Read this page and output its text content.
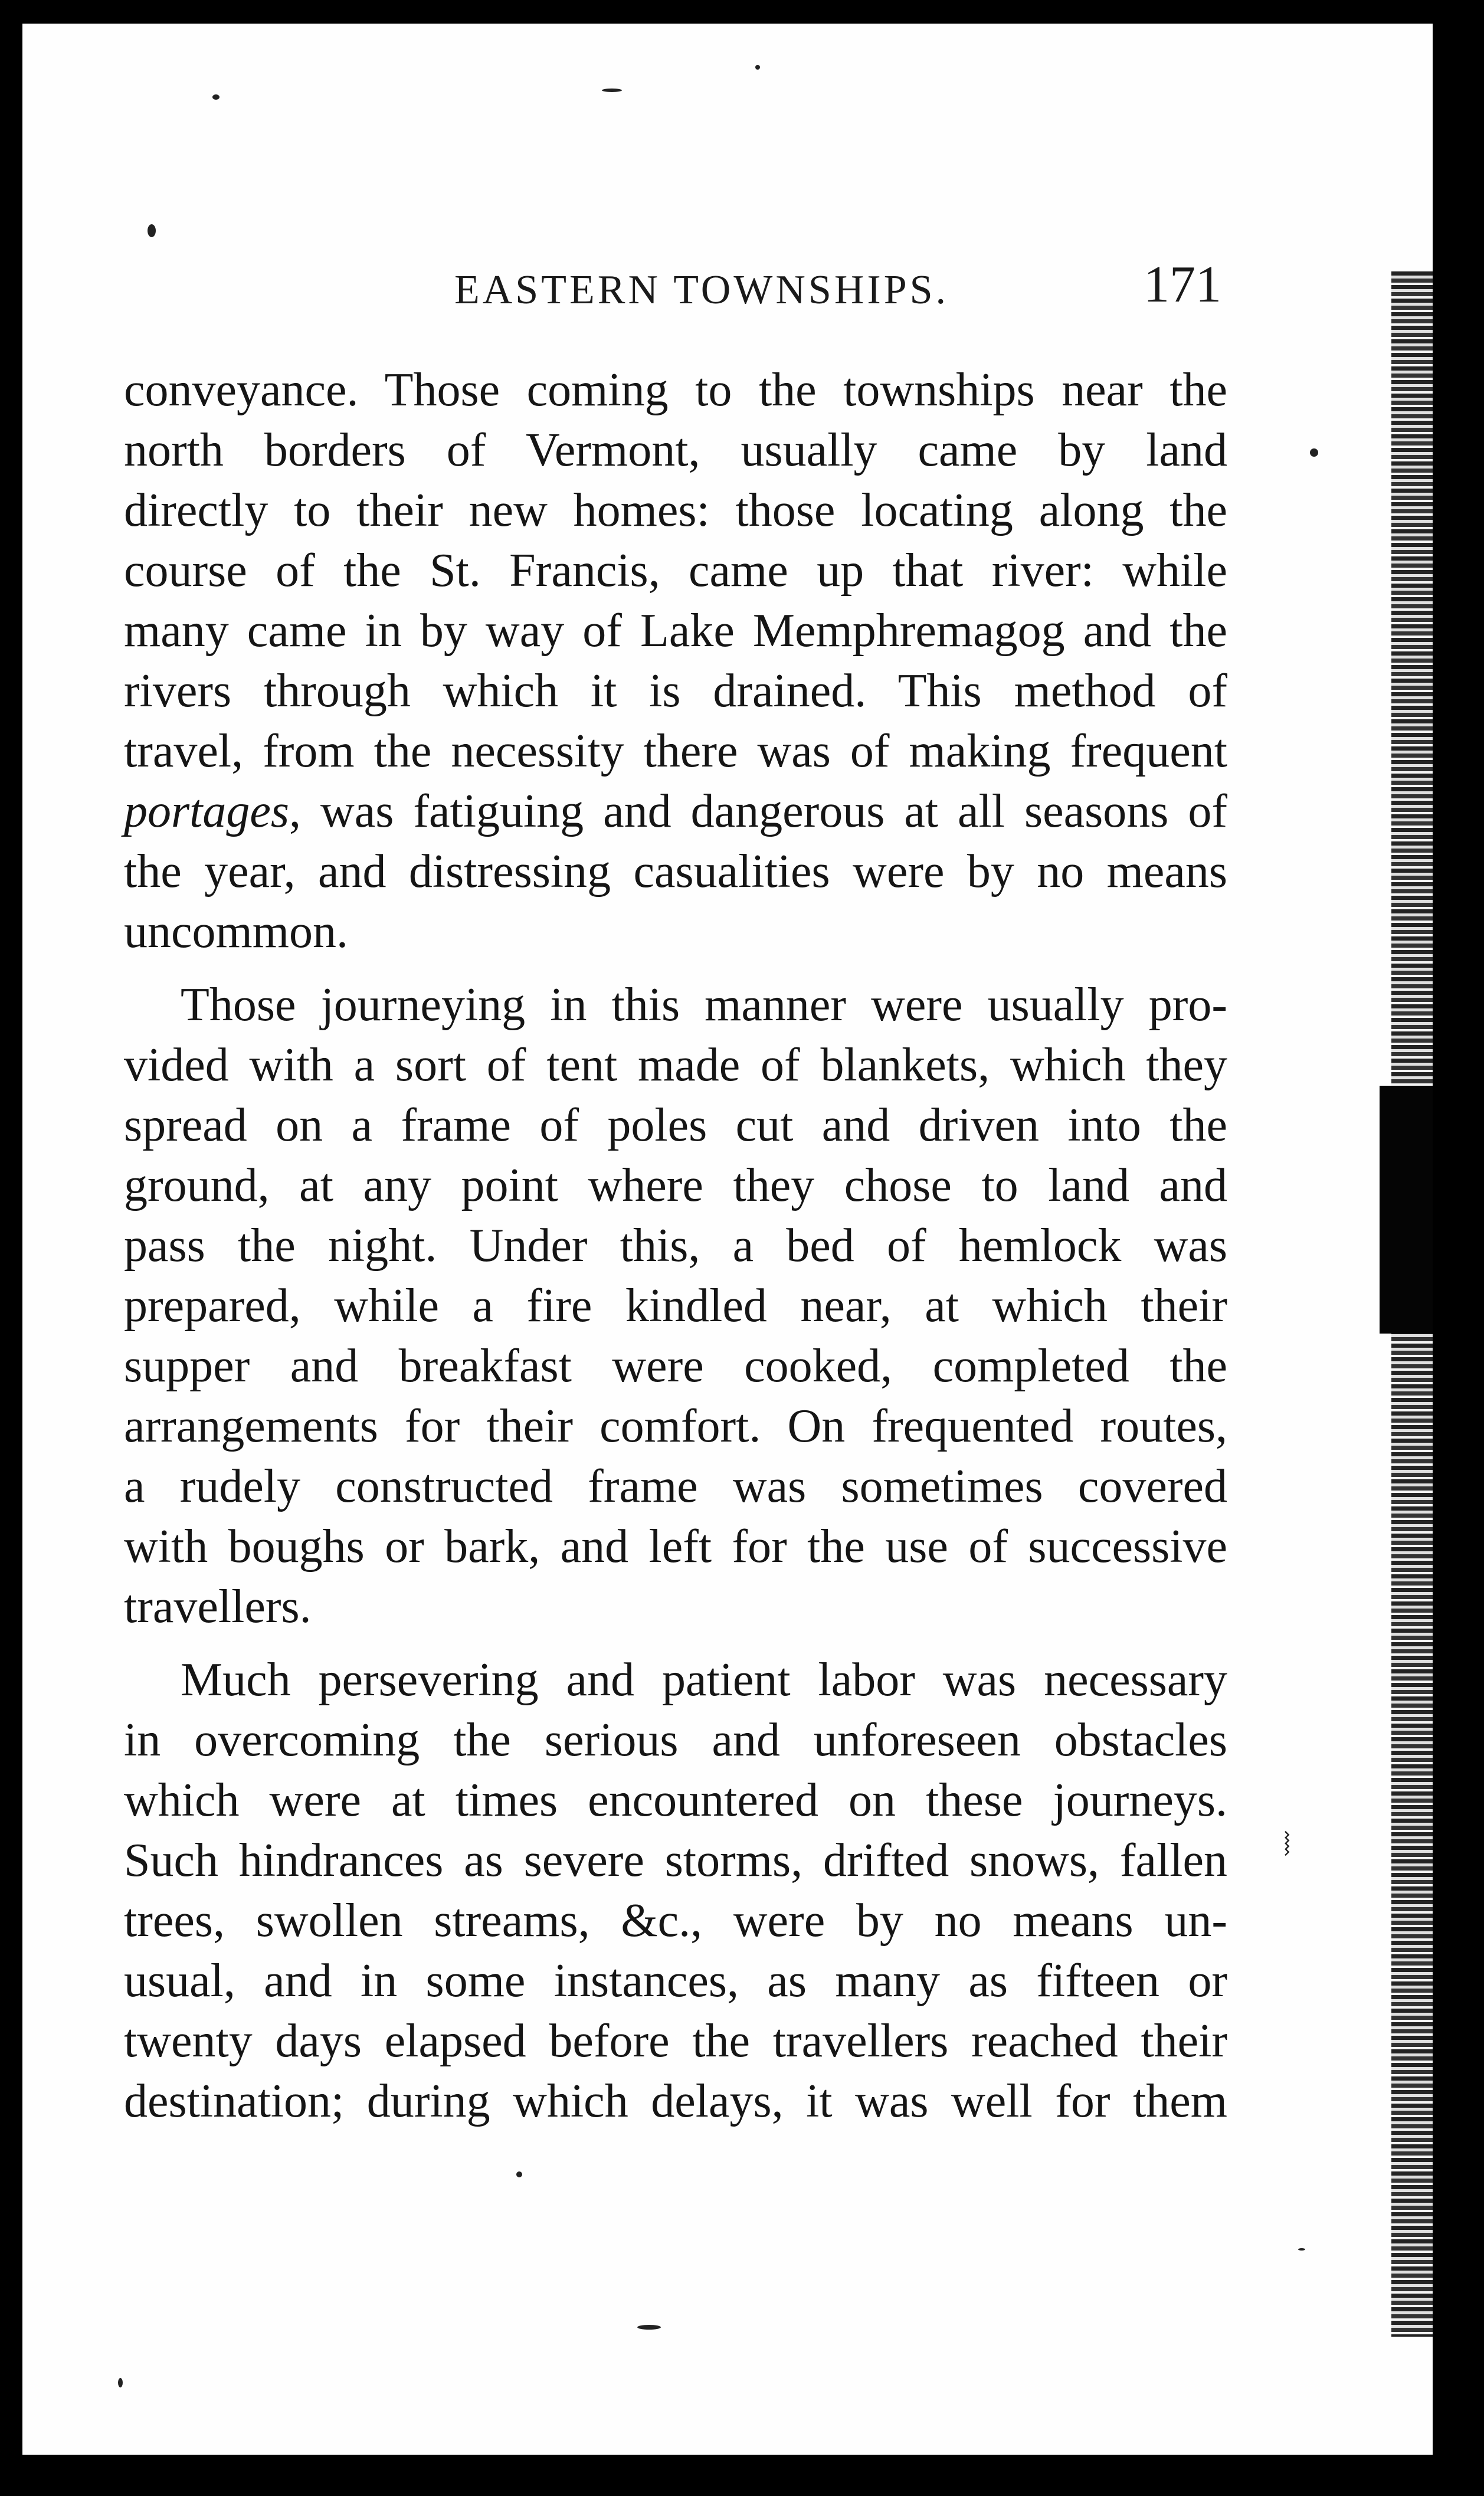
⧘
EASTERN TOWNSHIPS.	171
conveyance. Those coming to the townships near the
north borders of Vermont, usually came by land
directly to their new homes: those locating along the
course of the St. Francis, came up that river: while
many came in by way of Lake Memphremagog and the
rivers through which it is drained. This method of
travel, from the necessity there was of making frequent
portages, was fatiguing and dangerous at all seasons of
the year, and distressing casualities were by no means
uncommon.
Those journeying in this manner were usually pro-
vided with a sort of tent made of blankets, which they
spread on a frame of poles cut and driven into the
ground, at any point where they chose to land and
pass the night. Under this, a bed of hemlock was
prepared, while a fire kindled near, at which their
supper and breakfast were cooked, completed the
arrangements for their comfort. On frequented routes,
a rudely constructed frame was sometimes covered
with boughs or bark, and left for the use of successive
travellers.
Much persevering and patient labor was necessary
in overcoming the serious and unforeseen obstacles
which were at times encountered on these journeys.
Such hindrances as severe storms, drifted snows, fallen
trees, swollen streams, &c., were by no means un-
usual, and in some instances, as many as fifteen or
twenty days elapsed before the travellers reached their
destination; during which delays, it was well for them
